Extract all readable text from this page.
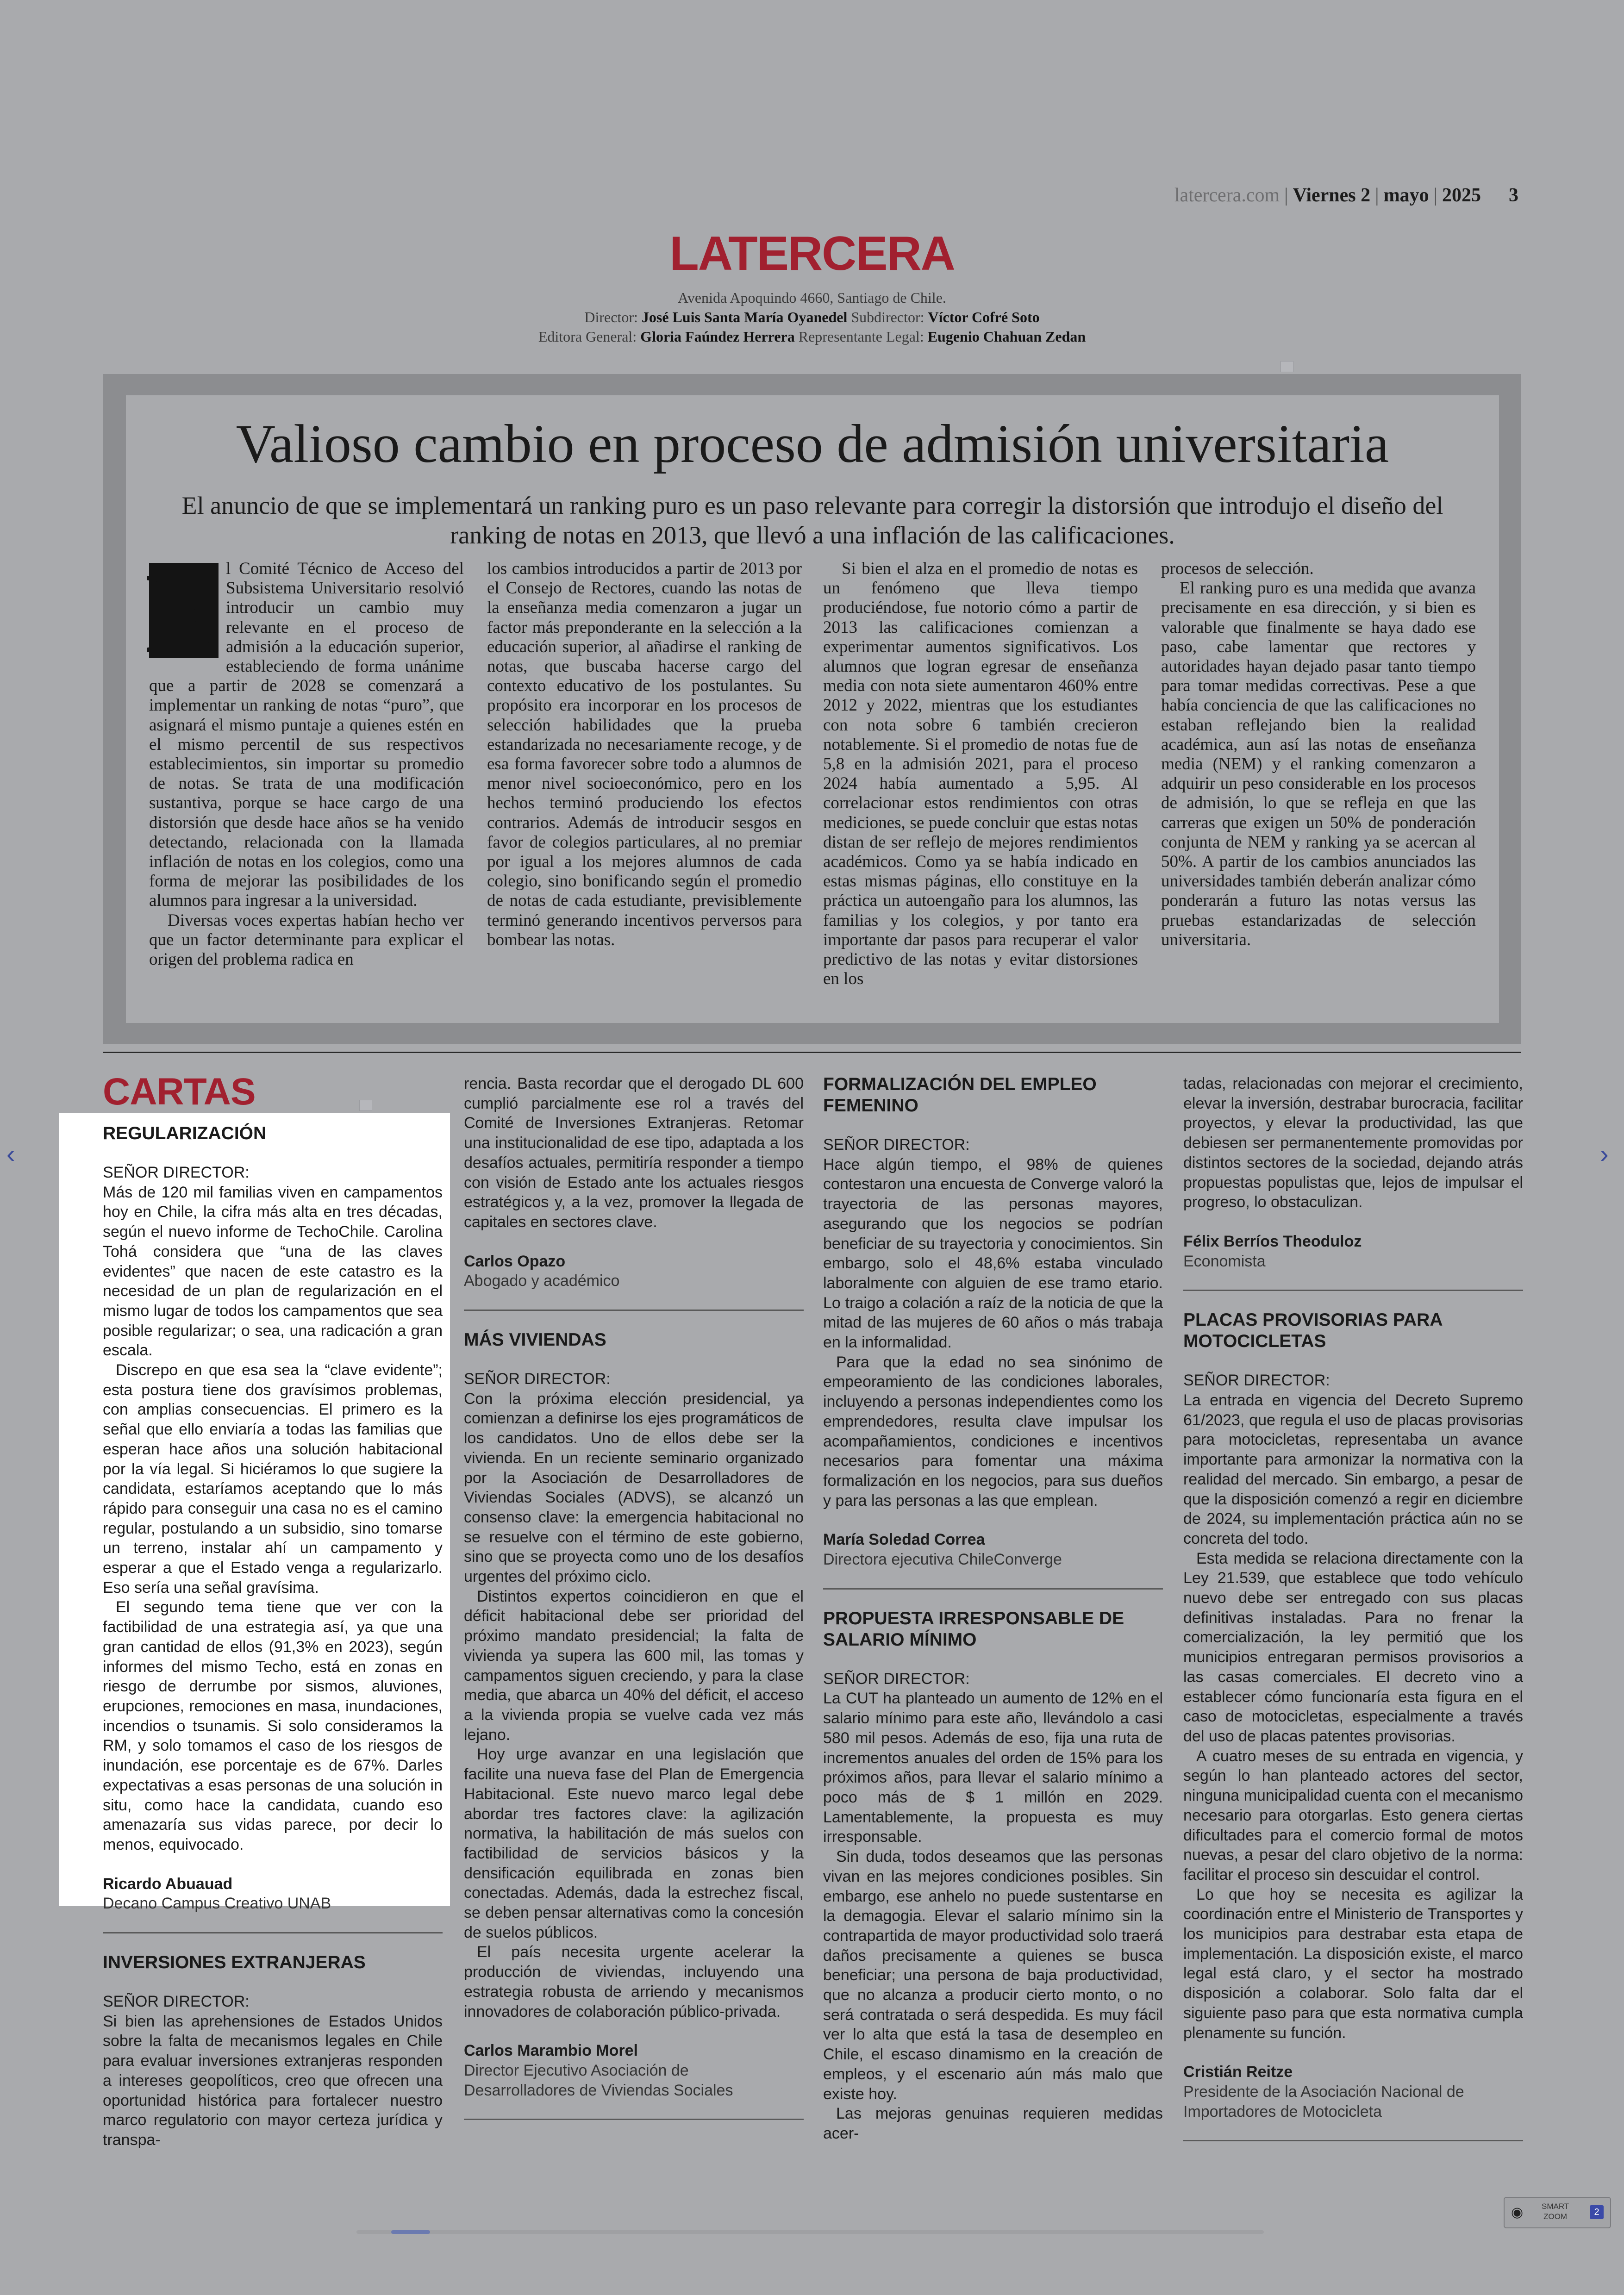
latercera.com | Viernes 2 | mayo | 2025 3
LATERCERA
Avenida Apoquindo 4660, Santiago de Chile.
Director: José Luis Santa María Oyanedel Subdirector: Víctor Cofré Soto
Editora General: Gloria Faúndez Herrera Representante Legal: Eugenio Chahuan Zedan
Valioso cambio en proceso de admisión universitaria
El anuncio de que se implementará un ranking puro es un paso relevante para corregir la distorsión que introdujo el diseño del ranking de notas en 2013, que llevó a una inflación de las calificaciones.
E l Comité Técnico de Acceso del Subsistema Universitario resolvió introducir un cambio muy relevante en el proceso de admisión a la educación superior, estableciendo de forma unánime que a partir de 2028 se comenzará a implementar un ranking de notas “puro”, que asignará el mismo puntaje a quienes estén en el mismo percentil de sus respectivos establecimientos, sin importar su promedio de notas. Se trata de una modificación sustantiva, porque se hace cargo de una distorsión que desde hace años se ha venido detectando, relacionada con la llamada inflación de notas en los colegios, como una forma de mejorar las posibilidades de los alumnos para ingresar a la universidad.

Diversas voces expertas habían hecho ver que un factor determinante para explicar el origen del problema radica en

los cambios introducidos a partir de 2013 por el Consejo de Rectores, cuando las notas de la enseñanza media comenzaron a jugar un factor más preponderante en la selección a la educación superior, al añadirse el ranking de notas, que buscaba hacerse cargo del contexto educativo de los postulantes. Su propósito era incorporar en los procesos de selección habilidades que la prueba estandarizada no necesariamente recoge, y de esa forma favorecer sobre todo a alumnos de menor nivel socioeconómico, pero en los hechos terminó produciendo los efectos contrarios. Además de introducir sesgos en favor de colegios particulares, al no premiar por igual a los mejores alumnos de cada colegio, sino bonificando según el promedio de notas de cada estudiante, previsiblemente terminó generando incentivos perversos para bombear las notas.

Si bien el alza en el promedio de notas es un fenómeno que lleva tiempo produciéndose, fue notorio cómo a partir de 2013 las calificaciones comienzan a experimentar aumentos significativos. Los alumnos que logran egresar de enseñanza media con nota siete aumentaron 460% entre 2012 y 2022, mientras que los estudiantes con nota sobre 6 también crecieron notablemente. Si el promedio de notas fue de 5,8 en la admisión 2021, para el proceso 2024 había aumentado a 5,95. Al correlacionar estos rendimientos con otras mediciones, se puede concluir que estas notas distan de ser reflejo de mejores rendimientos académicos. Como ya se había indicado en estas mismas páginas, ello constituye en la práctica un autoengaño para los alumnos, las familias y los colegios, y por tanto era importante dar pasos para recuperar el valor predictivo de las notas y evitar distorsiones en los

procesos de selección.

El ranking puro es una medida que avanza precisamente en esa dirección, y si bien es valorable que finalmente se haya dado ese paso, cabe lamentar que rectores y autoridades hayan dejado pasar tanto tiempo para tomar medidas correctivas. Pese a que había conciencia de que las calificaciones no estaban reflejando bien la realidad académica, aun así las notas de enseñanza media (NEM) y el ranking comenzaron a adquirir un peso considerable en los procesos de admisión, lo que se refleja en que las carreras que exigen un 50% de ponderación conjunta de NEM y ranking ya se acercan al 50%. A partir de los cambios anunciados las universidades también deberán analizar cómo ponderarán a futuro las notas versus las pruebas estandarizadas de selección universitaria.

CARTAS

REGULARIZACIÓN

SEÑOR DIRECTOR:

Más de 120 mil familias viven en campamentos hoy en Chile, la cifra más alta en tres décadas, según el nuevo informe de TechoChile. Carolina Tohá considera que “una de las claves evidentes” que nacen de este catastro es la necesidad de un plan de regularización en el mismo lugar de todos los campamentos que sea posible regularizar; o sea, una radicación a gran escala.

Discrepo en que esa sea la “clave evidente”; esta postura tiene dos gravísimos problemas, con amplias consecuencias. El primero es la señal que ello enviaría a todas las familias que esperan hace años una solución habitacional por la vía legal. Si hiciéramos lo que sugiere la candidata, estaríamos aceptando que lo más rápido para conseguir una casa no es el camino regular, postulando a un subsidio, sino tomarse un terreno, instalar ahí un campamento y esperar a que el Estado venga a regularizarlo. Eso sería una señal gravísima.

El segundo tema tiene que ver con la factibilidad de una estrategia así, ya que una gran cantidad de ellos (91,3% en 2023), según informes del mismo Techo, está en zonas en riesgo de derrumbe por sismos, aluviones, erupciones, remociones en masa, inundaciones, incendios o tsunamis. Si solo consideramos la RM, y solo tomamos el caso de los riesgos de inundación, ese porcentaje es de 67%. Darles expectativas a esas personas de una solución in situ, como hace la candidata, cuando eso amenazaría sus vidas parece, por decir lo menos, equivocado.

Ricardo Abuauad

Decano Campus Creativo UNAB

INVERSIONES EXTRANJERAS

SEÑOR DIRECTOR:

Si bien las aprehensiones de Estados Unidos sobre la falta de mecanismos legales en Chile para evaluar inversiones extranjeras responden a intereses geopolíticos, creo que ofrecen una oportunidad histórica para fortalecer nuestro marco regulatorio con mayor certeza jurídica y transpa-

rencia. Basta recordar que el derogado DL 600 cumplió parcialmente ese rol a través del Comité de Inversiones Extranjeras. Retomar una institucionalidad de ese tipo, adaptada a los desafíos actuales, permitiría responder a tiempo con visión de Estado ante los actuales riesgos estratégicos y, a la vez, promover la llegada de capitales en sectores clave.

Carlos Opazo

Abogado y académico

MÁS VIVIENDAS

SEÑOR DIRECTOR:

Con la próxima elección presidencial, ya comienzan a definirse los ejes programáticos de los candidatos. Uno de ellos debe ser la vivienda. En un reciente seminario organizado por la Asociación de Desarrolladores de Viviendas Sociales (ADVS), se alcanzó un consenso clave: la emergencia habitacional no se resuelve con el término de este gobierno, sino que se proyecta como uno de los desafíos urgentes del próximo ciclo.

Distintos expertos coincidieron en que el déficit habitacional debe ser prioridad del próximo mandato presidencial; la falta de vivienda ya supera las 600 mil, las tomas y campamentos siguen creciendo, y para la clase media, que abarca un 40% del déficit, el acceso a la vivienda propia se vuelve cada vez más lejano.

Hoy urge avanzar en una legislación que facilite una nueva fase del Plan de Emergencia Habitacional. Este nuevo marco legal debe abordar tres factores clave: la agilización normativa, la habilitación de más suelos con factibilidad de servicios básicos y la densificación equilibrada en zonas bien conectadas. Además, dada la estrechez fiscal, se deben pensar alternativas como la concesión de suelos públicos.

El país necesita urgente acelerar la producción de viviendas, incluyendo una estrategia robusta de arriendo y mecanismos innovadores de colaboración público-privada.

Carlos Marambio Morel

Director Ejecutivo Asociación de Desarrolladores de Viviendas Sociales

FORMALIZACIÓN DEL EMPLEO FEMENINO

SEÑOR DIRECTOR:

Hace algún tiempo, el 98% de quienes contestaron una encuesta de Converge valoró la trayectoria de las personas mayores, asegurando que los negocios se podrían beneficiar de su trayectoria y conocimientos. Sin embargo, solo el 48,6% estaba vinculado laboralmente con alguien de ese tramo etario. Lo traigo a colación a raíz de la noticia de que la mitad de las mujeres de 60 años o más trabaja en la informalidad.

Para que la edad no sea sinónimo de empeoramiento de las condiciones laborales, incluyendo a personas independientes como los emprendedores, resulta clave impulsar los acompañamientos, condiciones e incentivos necesarios para fomentar una máxima formalización en los negocios, para sus dueños y para las personas a las que emplean.

María Soledad Correa

Directora ejecutiva ChileConverge

PROPUESTA IRRESPONSABLE DE SALARIO MÍNIMO

SEÑOR DIRECTOR:

La CUT ha planteado un aumento de 12% en el salario mínimo para este año, llevándolo a casi 580 mil pesos. Además de eso, fija una ruta de incrementos anuales del orden de 15% para los próximos años, para llevar el salario mínimo a poco más de $ 1 millón en 2029. Lamentablemente, la propuesta es muy irresponsable.

Sin duda, todos deseamos que las personas vivan en las mejores condiciones posibles. Sin embargo, ese anhelo no puede sustentarse en la demagogia. Elevar el salario mínimo sin la contrapartida de mayor productividad solo traerá daños precisamente a quienes se busca beneficiar; una persona de baja productividad, que no alcanza a producir cierto monto, o no será contratada o será despedida. Es muy fácil ver lo alta que está la tasa de desempleo en Chile, el escaso dinamismo en la creación de empleos, y el escenario aún más malo que existe hoy.

Las mejoras genuinas requieren medidas acer-

tadas, relacionadas con mejorar el crecimiento, elevar la inversión, destrabar burocracia, facilitar proyectos, y elevar la productividad, las que debiesen ser permanentemente promovidas por distintos sectores de la sociedad, dejando atrás propuestas populistas que, lejos de impulsar el progreso, lo obstaculizan.

Félix Berríos Theoduloz

Economista

PLACAS PROVISORIAS PARA MOTOCICLETAS

SEÑOR DIRECTOR:

La entrada en vigencia del Decreto Supremo 61/2023, que regula el uso de placas provisorias para motocicletas, representaba un avance importante para armonizar la normativa con la realidad del mercado. Sin embargo, a pesar de que la disposición comenzó a regir en diciembre de 2024, su implementación práctica aún no se concreta del todo.

Esta medida se relaciona directamente con la Ley 21.539, que establece que todo vehículo nuevo debe ser entregado con sus placas definitivas instaladas. Para no frenar la comercialización, la ley permitió que los municipios entregaran permisos provisorios a las casas comerciales. El decreto vino a establecer cómo funcionaría esta figura en el caso de motocicletas, especialmente a través del uso de placas patentes provisorias.

A cuatro meses de su entrada en vigencia, y según lo han planteado actores del sector, ninguna municipalidad cuenta con el mecanismo necesario para otorgarlas. Esto genera ciertas dificultades para el comercio formal de motos nuevas, a pesar del claro objetivo de la norma: facilitar el proceso sin descuidar el control.

Lo que hoy se necesita es agilizar la coordinación entre el Ministerio de Transportes y los municipios para destrabar esta etapa de implementación. La disposición existe, el marco legal está claro, y el sector ha mostrado disposición a colaborar. Solo falta dar el siguiente paso para que esta normativa cumpla plenamente su función.

Cristián Reitze

Presidente de la Asociación Nacional de Importadores de Motocicleta

‹	›
◉ SMART
ZOOM	2
